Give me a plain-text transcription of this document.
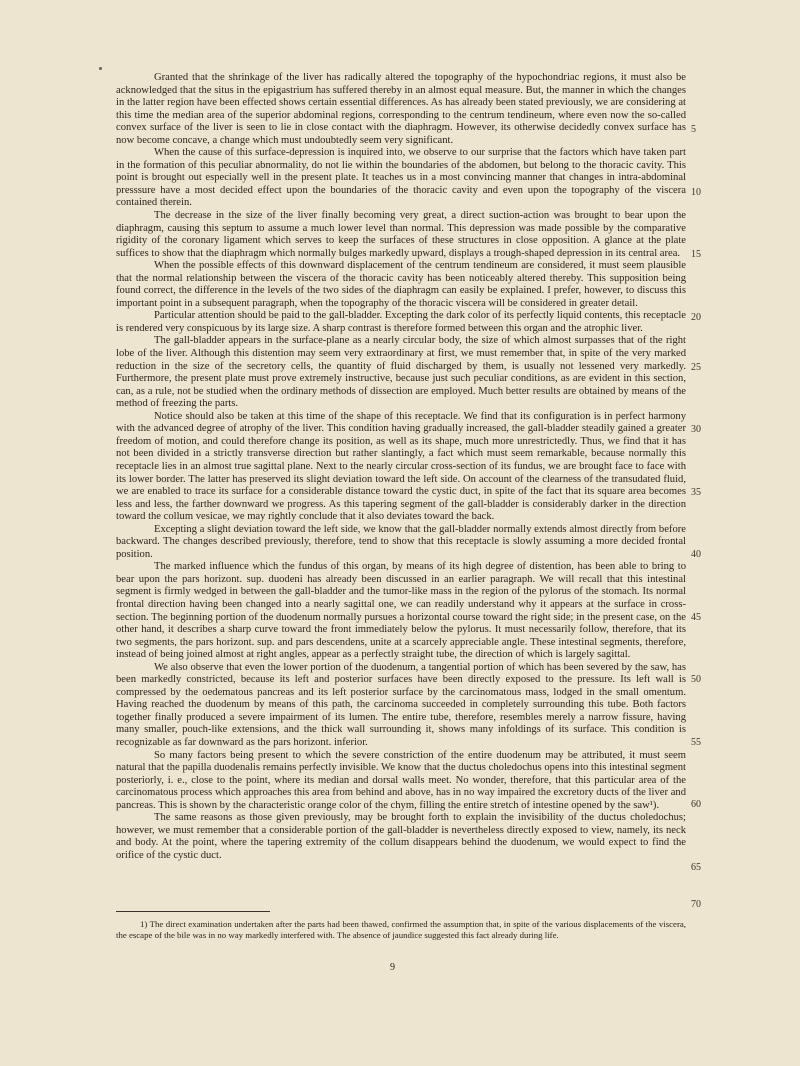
Granted that the shrinkage of the liver has radically altered the topography of the hypochondriac regions, it must also be acknowledged that the situs in the epigastrium has suffered thereby in an almost equal measure. But, the manner in which the changes in the latter region have been effected shows certain essential differences. As has already been stated previously, we are considering at this time the median area of the superior abdominal regions, corresponding to the centrum tendineum, where even now the so-called convex surface of the liver is seen to lie in close contact with the diaphragm. However, its otherwise decidedly convex surface has now become concave, a change which must undoubtedly seem very significant.

When the cause of this surface-depression is inquired into, we observe to our surprise that the factors which have taken part in the formation of this peculiar abnormality, do not lie within the boundaries of the abdomen, but belong to the thoracic cavity. This point is brought out especially well in the present plate. It teaches us in a most convincing manner that changes in intra-abdominal presssure have a most decided effect upon the boundaries of the thoracic cavity and even upon the topography of the viscera contained therein.

The decrease in the size of the liver finally becoming very great, a direct suction-action was brought to bear upon the diaphragm, causing this septum to assume a much lower level than normal. This depression was made possible by the comparative rigidity of the coronary ligament which serves to keep the surfaces of these structures in close opposition. A glance at the plate suffices to show that the diaphragm which normally bulges markedly upward, displays a trough-shaped depression in its central area.

When the possible effects of this downward displacement of the centrum tendineum are considered, it must seem plausible that the normal relationship between the viscera of the thoracic cavity has been noticeably altered thereby. This supposition being found correct, the difference in the levels of the two sides of the diaphragm can easily be explained. I prefer, however, to discuss this important point in a subsequent paragraph, when the topography of the thoracic viscera will be considered in greater detail.

Particular attention should be paid to the gall-bladder. Excepting the dark color of its perfectly liquid contents, this receptacle is rendered very conspicuous by its large size. A sharp contrast is therefore formed between this organ and the atrophic liver.

The gall-bladder appears in the surface-plane as a nearly circular body, the size of which almost surpasses that of the right lobe of the liver. Although this distention may seem very extraordinary at first, we must remember that, in spite of the very marked reduction in the size of the secretory cells, the quantity of fluid discharged by them, is usually not lessened very markedly. Furthermore, the present plate must prove extremely instructive, because just such peculiar conditions, as are evident in this section, can, as a rule, not be studied when the ordinary methods of dissection are employed. Much better results are obtained by means of the method of freezing the parts.

Notice should also be taken at this time of the shape of this receptacle. We find that its configuration is in perfect harmony with the advanced degree of atrophy of the liver. This condition having gradually increased, the gall-bladder steadily gained a greater freedom of motion, and could therefore change its position, as well as its shape, much more unrestrictedly. Thus, we find that it has not been divided in a strictly transverse direction but rather slantingly, a fact which must seem remarkable, because normally this receptacle lies in an almost true sagittal plane. Next to the nearly circular cross-section of its fundus, we are brought face to face with its lower border. The latter has preserved its slight deviation toward the left side. On account of the clearness of the transudated fluid, we are enabled to trace its surface for a considerable distance toward the cystic duct, in spite of the fact that its square area becomes less and less, the farther downward we progress. As this tapering segment of the gall-bladder is considerably darker in the direction toward the collum vesicae, we may rightly conclude that it also deviates toward the back.

Excepting a slight deviation toward the left side, we know that the gall-bladder normally extends almost directly from before backward. The changes described previously, therefore, tend to show that this receptacle is slowly assuming a more decided frontal position.

The marked influence which the fundus of this organ, by means of its high degree of distention, has been able to bring to bear upon the pars horizont. sup. duodeni has already been discussed in an earlier paragraph. We will recall that this intestinal segment is firmly wedged in between the gall-bladder and the tumor-like mass in the region of the pylorus of the stomach. Its normal frontal direction having been changed into a nearly sagittal one, we can readily understand why it appears at the surface in cross-section. The beginning portion of the duodenum normally pursues a horizontal course toward the right side; in the present case, on the other hand, it describes a sharp curve toward the front immediately below the pylorus. It must necessarily follow, therefore, that its two segments, the pars horizont. sup. and pars descendens, unite at a scarcely appreciable angle. These intestinal segments, therefore, instead of being joined almost at right angles, appear as a perfectly straight tube, the direction of which is largely sagittal.

We also observe that even the lower portion of the duodenum, a tangential portion of which has been severed by the saw, has been markedly constricted, because its left and posterior surfaces have been directly exposed to the pressure. Its left wall is compressed by the oedematous pancreas and its left posterior surface by the carcinomatous mass, lodged in the small omentum. Having reached the duodenum by means of this path, the carcinoma succeeded in completely surrounding this tube. Both factors together finally produced a severe impairment of its lumen. The entire tube, therefore, resembles merely a narrow fissure, having many smaller, pouch-like extensions, and the thick wall surrounding it, shows many infoldings of its surface. This condition is recognizable as far downward as the pars horizont. inferior.

So many factors being present to which the severe constriction of the entire duodenum may be attributed, it must seem natural that the papilla duodenalis remains perfectly invisible. We know that the ductus choledochus opens into this intestinal segment posteriorly, i. e., close to the point, where its median and dorsal walls meet. No wonder, therefore, that this particular area of the carcinomatous process which approaches this area from behind and above, has in no way impaired the excretory ducts of the liver and pancreas. This is shown by the characteristic orange color of the chym, filling the entire stretch of intestine opened by the saw¹).

The same reasons as those given previously, may be brought forth to explain the invisibility of the ductus choledochus; however, we must remember that a considerable portion of the gall-bladder is nevertheless directly exposed to view, namely, its neck and body. At the point, where the tapering extremity of the collum disappears behind the duodenum, we would expect to find the orifice of the cystic duct.

5
10
15
20
25
30
35
40
45
50
55
60
65
70

1) The direct examination undertaken after the parts had been thawed, confirmed the assumption that, in spite of the various displacements of the viscera, the escape of the bile was in no way markedly interfered with. The absence of jaundice suggested this fact already during life.

9
